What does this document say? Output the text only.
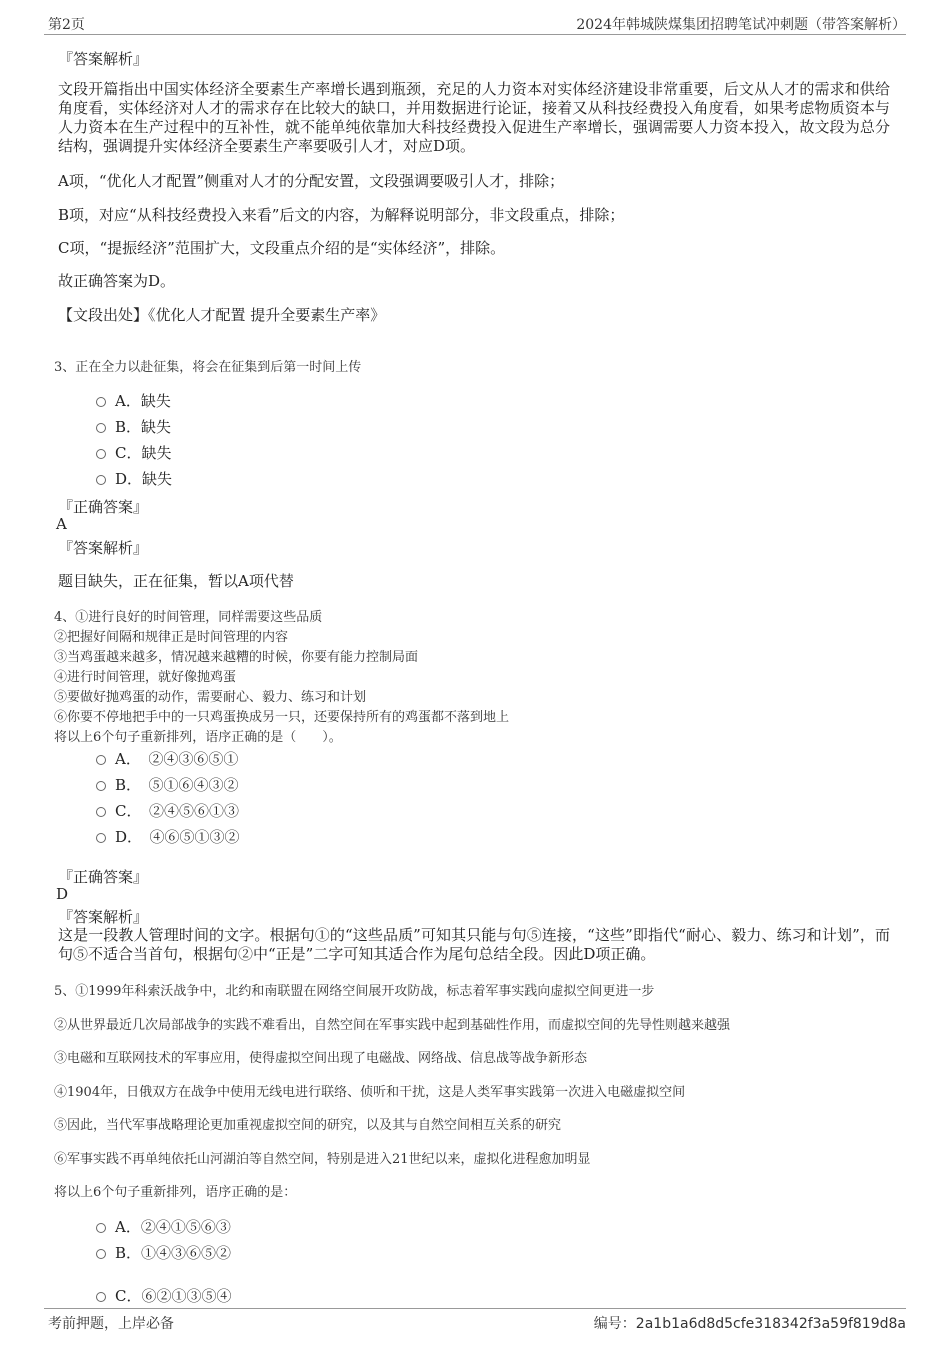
第2页	2024年韩城陕煤集团招聘笔试冲刺题（带答案解析）
『答案解析』
文段开篇指出中国实体经济全要素生产率增长遇到瓶颈，充足的人力资本对实体经济建设非常重要，后文从人才的需求和供给角度看，实体经济对人才的需求存在比较大的缺口，并用数据进行论证，接着又从科技经费投入角度看，如果考虑物质资本与人力资本在生产过程中的互补性，就不能单纯依靠加大科技经费投入促进生产率增长，强调需要人力资本投入，故文段为总分结构，强调提升实体经济全要素生产率要吸引人才，对应D项。
A项，“优化人才配置”侧重对人才的分配安置，文段强调要吸引人才，排除；
B项，对应“从科技经费投入来看”后文的内容，为解释说明部分，非文段重点，排除；
C项，“提振经济”范围扩大，文段重点介绍的是“实体经济”，排除。
故正确答案为D。
【文段出处】《优化人才配置 提升全要素生产率》
3、正在全力以赴征集，将会在征集到后第一时间上传
A．缺失
B．缺失
C．缺失
D．缺失
『正确答案』
A
『答案解析』
题目缺失，正在征集，暂以A项代替
4、①进行良好的时间管理，同样需要这些品质
②把握好间隔和规律正是时间管理的内容
③当鸡蛋越来越多，情况越来越糟的时候，你要有能力控制局面
④进行时间管理，就好像抛鸡蛋
⑤要做好抛鸡蛋的动作，需要耐心、毅力、练习和计划
⑥你要不停地把手中的一只鸡蛋换成另一只，还要保持所有的鸡蛋都不落到地上
将以上6个句子重新排列，语序正确的是（　　）。
A．　②④③⑥⑤①
B．　⑤①⑥④③②
C．　②④⑤⑥①③
D．　④⑥⑤①③②
『正确答案』
D
『答案解析』
这是一段教人管理时间的文字。根据句①的“这些品质”可知其只能与句⑤连接，“这些”即指代“耐心、毅力、练习和计划”，而句⑤不适合当首句，根据句②中“正是”二字可知其适合作为尾句总结全段。因此D项正确。
5、①1999年科索沃战争中，北约和南联盟在网络空间展开攻防战，标志着军事实践向虚拟空间更进一步
②从世界最近几次局部战争的实践不难看出，自然空间在军事实践中起到基础性作用，而虚拟空间的先导性则越来越强
③电磁和互联网技术的军事应用，使得虚拟空间出现了电磁战、网络战、信息战等战争新形态
④1904年，日俄双方在战争中使用无线电进行联络、侦听和干扰，这是人类军事实践第一次进入电磁虚拟空间
⑤因此，当代军事战略理论更加重视虚拟空间的研究，以及其与自然空间相互关系的研究
⑥军事实践不再单纯依托山河湖泊等自然空间，特别是进入21世纪以来，虚拟化进程愈加明显
将以上6个句子重新排列，语序正确的是：
A．②④①⑤⑥③
B．①④③⑥⑤②
C．⑥②①③⑤④
考前押题，上岸必备	编号：2a1b1a6d8d5cfe318342f3a59f819d8a
